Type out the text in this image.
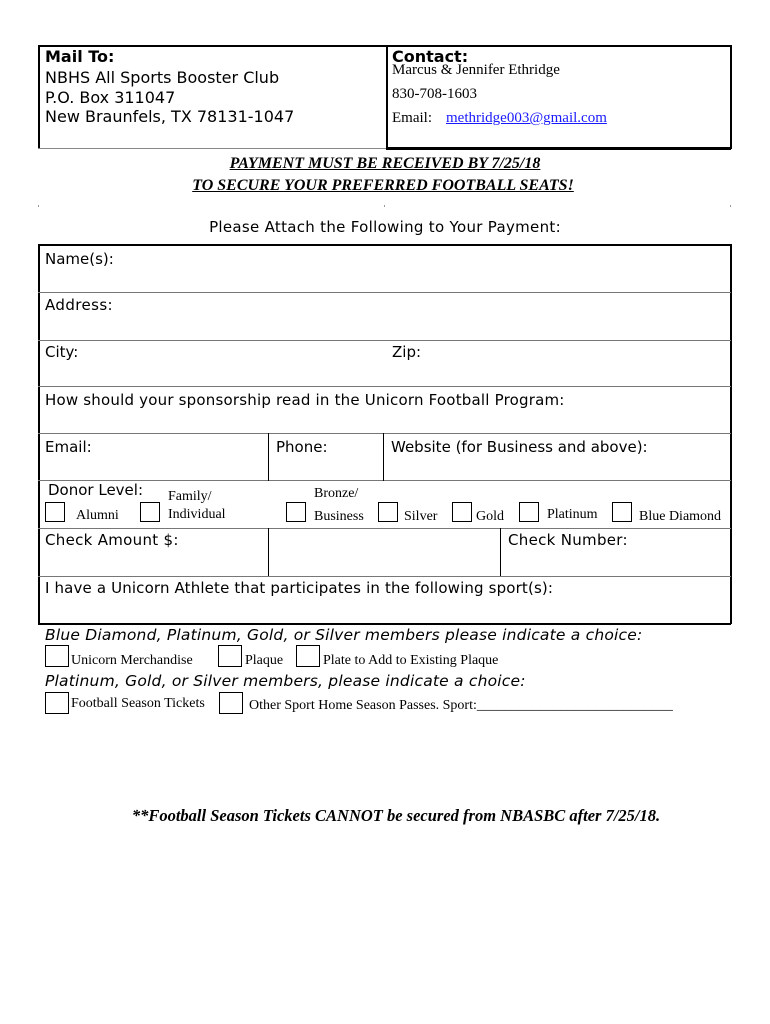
Mail To:
NBHS All Sports Booster Club
P.O. Box 311047
New Braunfels, TX 78131-1047
Contact:
Marcus & Jennifer Ethridge
830-708-1603
Email: methridge003@gmail.com
PAYMENT MUST BE RECEIVED BY 7/25/18
TO SECURE YOUR PREFERRED FOOTBALL SEATS!
Please Attach the Following to Your Payment:
Name(s):
Address:
City:	Zip:
How should your sponsorship read in the Unicorn Football Program:
Email:	Phone:	Website (for Business and above):
Donor Level:
Alumni
Family/
Individual
Bronze/
Business	Silver	Gold	Platinum	Blue Diamond
Check Amount $:	Check Number:
I have a Unicorn Athlete that participates in the following sport(s):
Blue Diamond, Platinum, Gold, or Silver members please indicate a choice:
Unicorn Merchandise	Plaque	Plate to Add to Existing Plaque
Platinum, Gold, or Silver members, please indicate a choice:
Football Season Tickets	Other Sport Home Season Passes. Sport:____________________________
**Football Season Tickets CANNOT be secured from NBASBC after 7/25/18.
